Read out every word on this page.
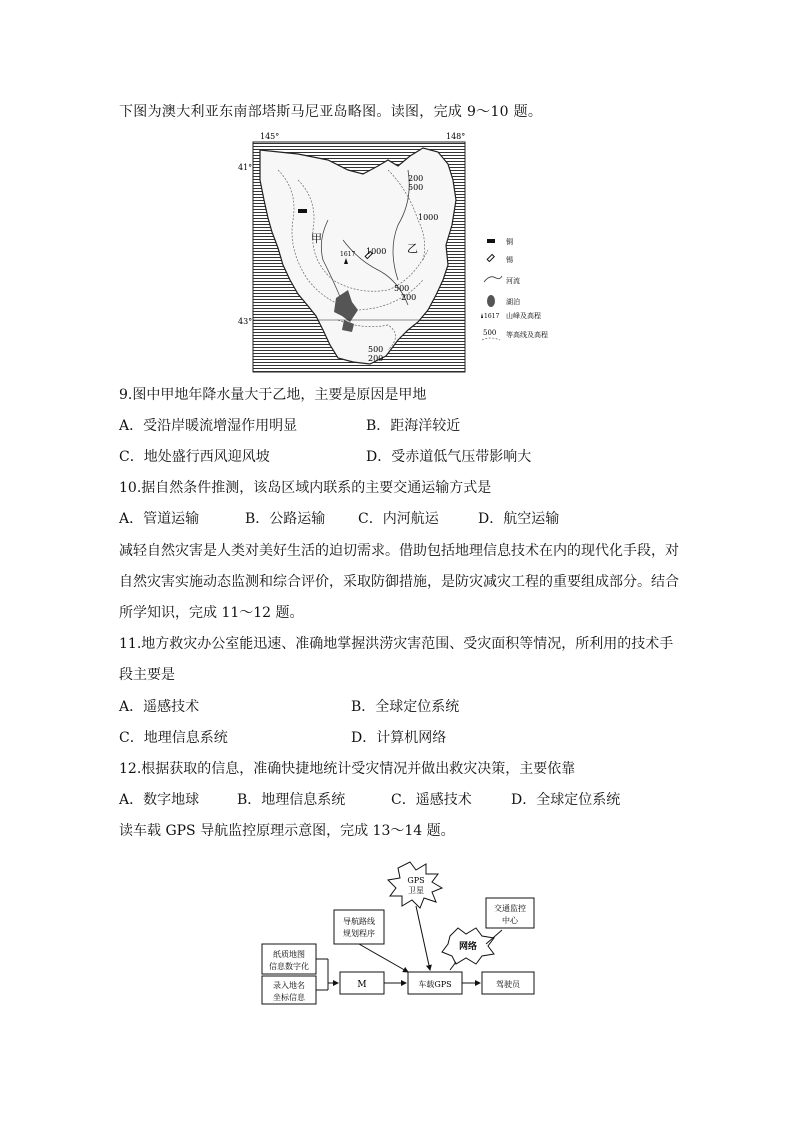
下图为澳大利亚东南部塔斯马尼亚岛略图。读图，完成 9～10 题。
145°	148°
41°
43°
1617
甲
乙
200
500
1000
1000
500
200
500
200
铜
锡
河流
湖泊
1617 山峰及高程
500 等高线及高程
9.图中甲地年降水量大于乙地，主要是原因是甲地
A．受沿岸暖流增湿作用明显	B．距海洋较近
C．地处盛行西风迎风坡	D．受赤道低气压带影响大
10.据自然条件推测，该岛区域内联系的主要交通运输方式是
A．管道运输	B．公路运输 C．内河航运	D．航空运输
减轻自然灾害是人类对美好生活的迫切需求。借助包括地理信息技术在内的现代化手段，对
自然灾害实施动态监测和综合评价，采取防御措施，是防灾减灾工程的重要组成部分。结合
所学知识，完成 11～12 题。
11.地方救灾办公室能迅速、准确地掌握洪涝灾害范围、受灾面积等情况，所利用的技术手
段主要是
A．遥感技术	B．全球定位系统
C．地理信息系统	D．计算机网络
12.根据获取的信息，准确快捷地统计受灾情况并做出救灾决策，主要依靠
A．数字地球	B．地理信息系统	C．遥感技术	D．全球定位系统
读车载 GPS 导航监控原理示意图，完成 13～14 题。
GPS
卫星
导航路线
规划程序
交通监控
中心
网络
纸质地图
信息数字化
录入地名
坐标信息
M	车载GPS	驾驶员
